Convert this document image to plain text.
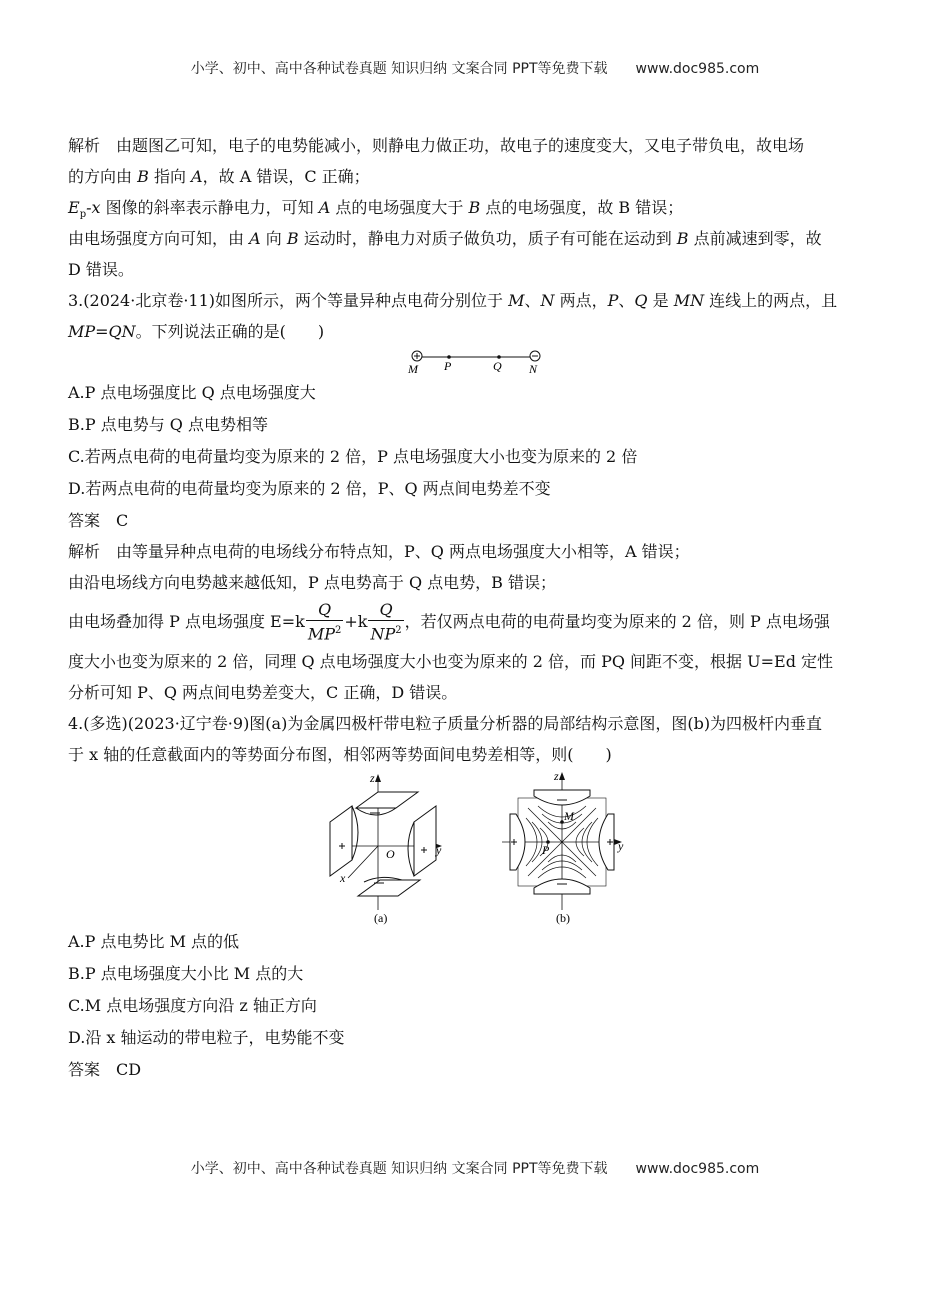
小学、初中、高中各种试卷真题 知识归纳 文案合同 PPT等免费下载 www.doc985.com
解析　由题图乙可知，电子的电势能减小，则静电力做正功，故电子的速度变大，又电子带负电，故电场
的方向由 B 指向 A，故 A 错误，C 正确；
$E_p-x$ 图像的斜率表示静电力，可知 A 点的电场强度大于 B 点的电场强度，故 B 错误；
由电场强度方向可知，由 A 向 B 运动时，静电力对质子做负功，质子有可能在运动到 B 点前减速到零，故
D 错误。
3.(2024·北京卷·11)如图所示，两个等量异种点电荷分别位于 M、N 两点，P、Q 是 MN 连线上的两点，且
MP=QN。下列说法正确的是(　　)
M P	Q N
A.P 点电场强度比 Q 点电场强度大
B.P 点电势与 Q 点电势相等
C.若两点电荷的电荷量均变为原来的 2 倍，P 点电场强度大小也变为原来的 2 倍
D.若两点电荷的电荷量均变为原来的 2 倍，P、Q 两点间电势差不变
答案　C
解析　由等量异种点电荷的电场线分布特点知，P、Q 两点电场强度大小相等，A 错误；
由沿电场线方向电势越来越低知，P 点电势高于 Q 点电势，B 错误；
由电场叠加得 P 点电场强度 $E=k \frac{Q}{MP^2} +k \frac{Q}{NP^2}$ ，若仅两点电荷的电荷量均变为原来的 2 倍，则 P 点电场强
度大小也变为原来的 2 倍，同理 Q 点电场强度大小也变为原来的 2 倍，而 PQ 间距不变，根据 U=Ed 定性
分析可知 P、Q 两点间电势差变大，C 正确，D 错误。
4.(多选)(2023·辽宁卷·9)图(a)为金属四极杆带电粒子质量分析器的局部结构示意图，图(b)为四极杆内垂直
于 x 轴的任意截面内的等势面分布图，相邻两等势面间电势差相等，则(　　)
z
y
x
O
(a)
z
y
M
P
(b)
A.P 点电势比 M 点的低
B.P 点电场强度大小比 M 点的大
C.M 点电场强度方向沿 z 轴正方向
D.沿 x 轴运动的带电粒子，电势能不变
答案　CD
小学、初中、高中各种试卷真题 知识归纳 文案合同 PPT等免费下载 www.doc985.com
